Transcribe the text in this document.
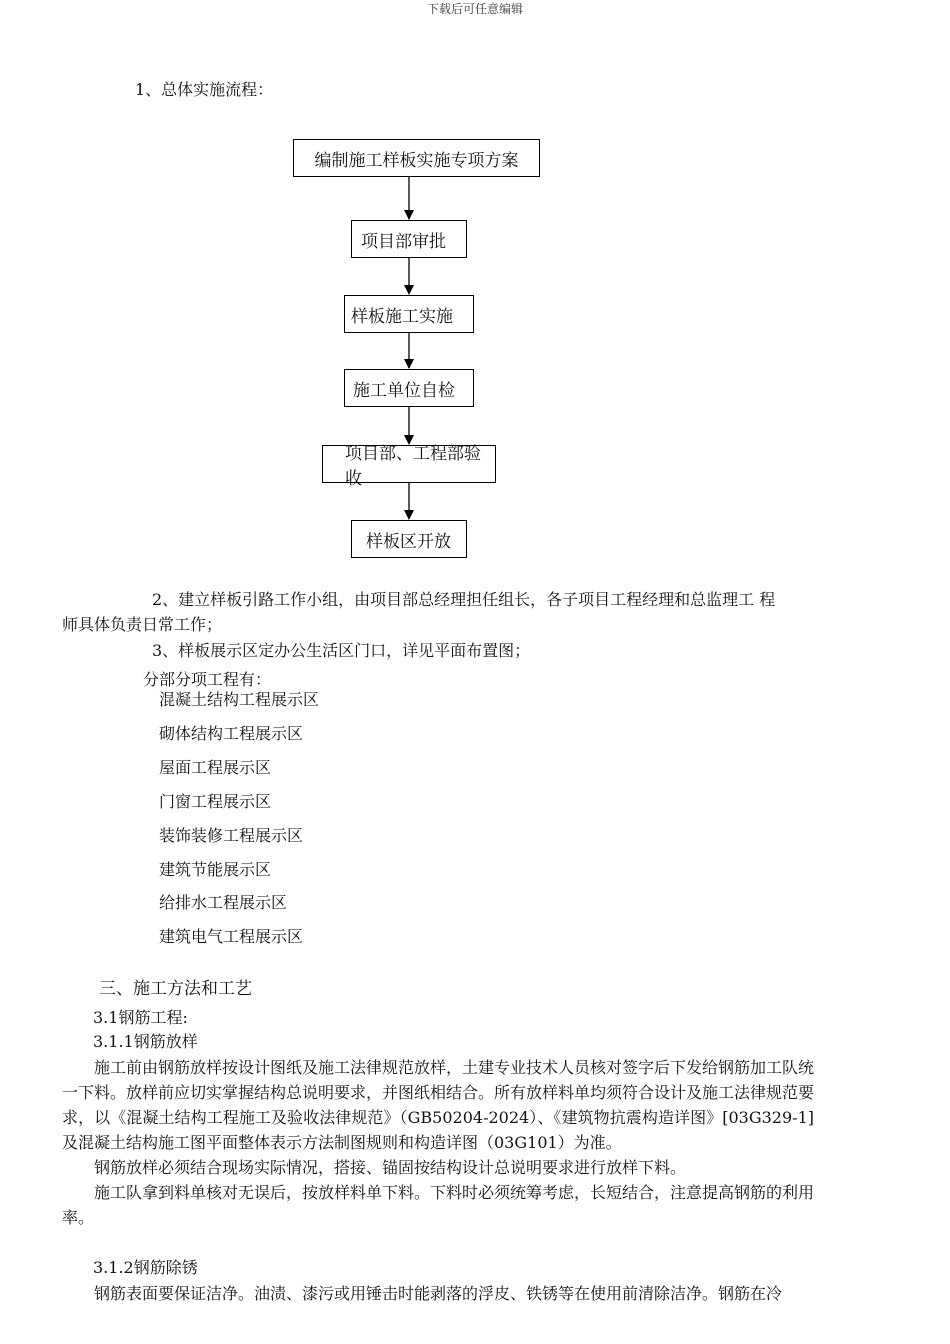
下载后可任意编辑
1、总体实施流程：
编制施工样板实施专项方案
项目部审批
样板施工实施
施工单位自检
项目部、工程部验收
样板区开放
2、建立样板引路工作小组，由项目部总经理担任组长，各子项目工程经理和总监理工 程
师具体负责日常工作；
3、样板展示区定办公生活区门口，详见平面布置图；
分部分项工程有：
混凝土结构工程展示区
砌体结构工程展示区
屋面工程展示区
门窗工程展示区
装饰装修工程展示区
建筑节能展示区
给排水工程展示区
建筑电气工程展示区
三、施工方法和工艺
3.1钢筋工程:
3.1.1钢筋放样
施工前由钢筋放样按设计图纸及施工法律规范放样，土建专业技术人员核对签字后下发给钢筋加工队统一下料。放样前应切实掌握结构总说明要求，并图纸相结合。所有放样料单均须符合设计及施工法律规范要求，以《混凝土结构工程施工及验收法律规范》（GB50204-2024）、《建筑物抗震构造详图》[03G329-1]及混凝土结构施工图平面整体表示方法制图规则和构造详图（03G101）为准。
钢筋放样必须结合现场实际情况，搭接、锚固按结构设计总说明要求进行放样下料。
施工队拿到料单核对无误后，按放样料单下料。下料时必须统筹考虑，长短结合，注意提高钢筋的利用率。
3.1.2钢筋除锈
钢筋表面要保证洁净。油渍、漆污或用锤击时能剥落的浮皮、铁锈等在使用前清除洁净。钢筋在冷
